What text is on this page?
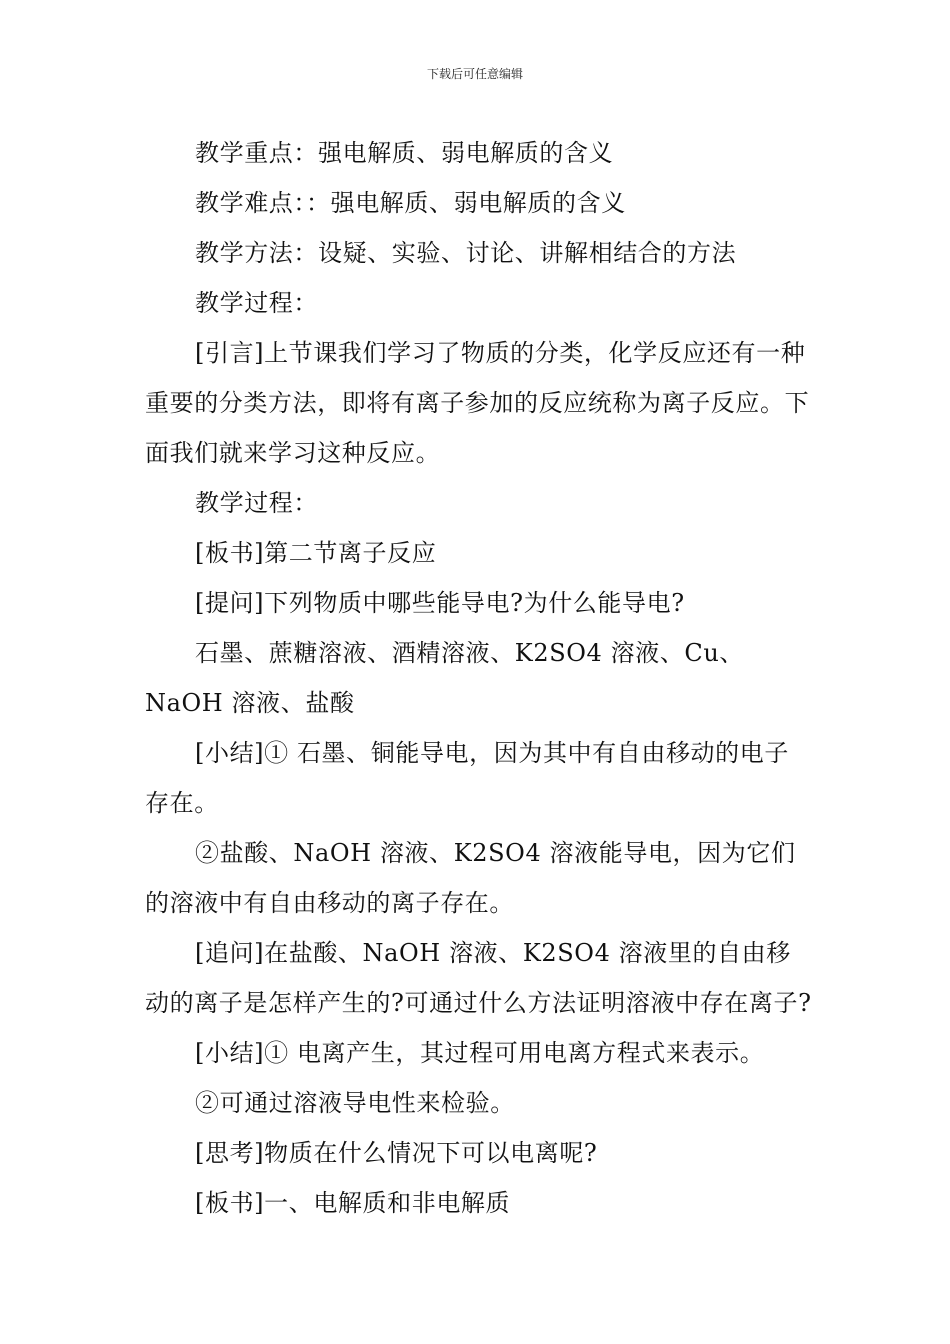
下载后可任意编辑

教学重点：强电解质、弱电解质的含义

教学难点：：强电解质、弱电解质的含义

教学方法：设疑、实验、讨论、讲解相结合的方法

教学过程：

[引言]上节课我们学习了物质的分类，化学反应还有一种重要的分类方法，即将有离子参加的反应统称为离子反应。下面我们就来学习这种反应。

教学过程：

[板书]第二节离子反应

[提问]下列物质中哪些能导电?为什么能导电?

石墨、蔗糖溶液、酒精溶液、K2SO4 溶液、Cu、NaOH 溶液、盐酸

[小结]① 石墨、铜能导电，因为其中有自由移动的电子存在。

②盐酸、NaOH 溶液、K2SO4 溶液能导电，因为它们的溶液中有自由移动的离子存在。

[追问]在盐酸、NaOH 溶液、K2SO4 溶液里的自由移动的离子是怎样产生的?可通过什么方法证明溶液中存在离子?

[小结]① 电离产生，其过程可用电离方程式来表示。

②可通过溶液导电性来检验。

[思考]物质在什么情况下可以电离呢?

[板书]一、电解质和非电解质
